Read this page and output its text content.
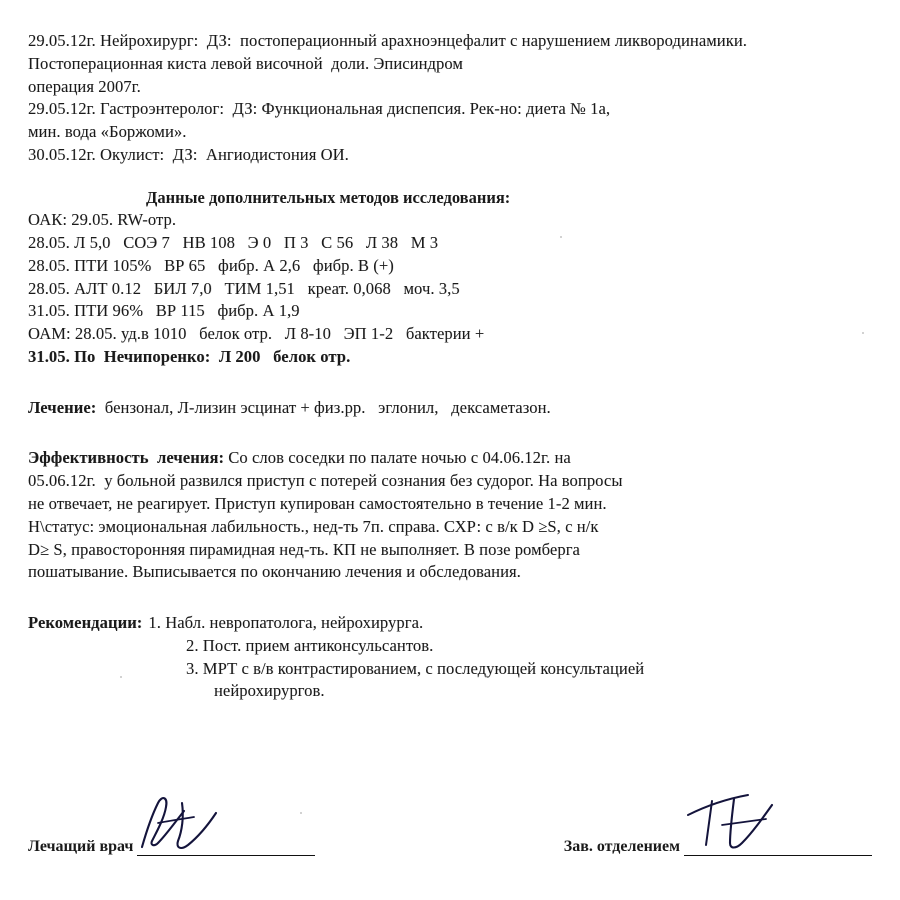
29.05.12г. Нейрохирург:  ДЗ:  постоперационный арахноэнцефалит с нарушением ликвородинамики. Постоперационная киста левой височной  доли. Эписиндром
операция 2007г.
29.05.12г. Гастроэнтеролог:  ДЗ: Функциональная диспепсия. Рек-но: диета № 1а,
мин. вода «Боржоми».
30.05.12г. Окулист:  ДЗ:  Ангиодистония ОИ.
Данные дополнительных методов исследования:
ОАК: 29.05. RW-отр.
28.05. Л 5,0   СОЭ 7   НВ 108   Э 0   П 3   С 56   Л 38   М 3
28.05. ПТИ 105%   ВР 65   фибр. А 2,6   фибр. В (+)
28.05. АЛТ 0.12   БИЛ 7,0   ТИМ 1,51   креат. 0,068   моч. 3,5
31.05. ПТИ 96%   ВР 115   фибр. А 1,9
ОАМ: 28.05. уд.в 1010   белок отр.   Л 8-10   ЭП 1-2   бактерии +
31.05. По  Нечипоренко:  Л 200   белок отр.
Лечение:  бензонал, Л-лизин эсцинат + физ.рр.   эглонил,   дексаметазон.
Эффективность  лечения: Со слов соседки по палате ночью с 04.06.12г. на
05.06.12г.  у больной развился приступ с потерей сознания без судорог. На вопросы
не отвечает, не реагирует. Приступ купирован самостоятельно в течение 1-2 мин.
Н\статус: эмоциональная лабильность., нед-ть 7п. справа. СХР: с в/к D ≥S, с н/к
D≥ S, правосторонняя пирамидная нед-ть. КП не выполняет. В позе ромберга
пошатывание. Выписывается по окончанию лечения и обследования.
Рекомендации: 1. Набл. невропатолога, нейрохирурга.
2. Пост. прием антиконсульсантов.
3. МРТ с в/в контрастированием, с последующей консультацией
нейрохирургов.
Лечащий врач	Зав. отделением
